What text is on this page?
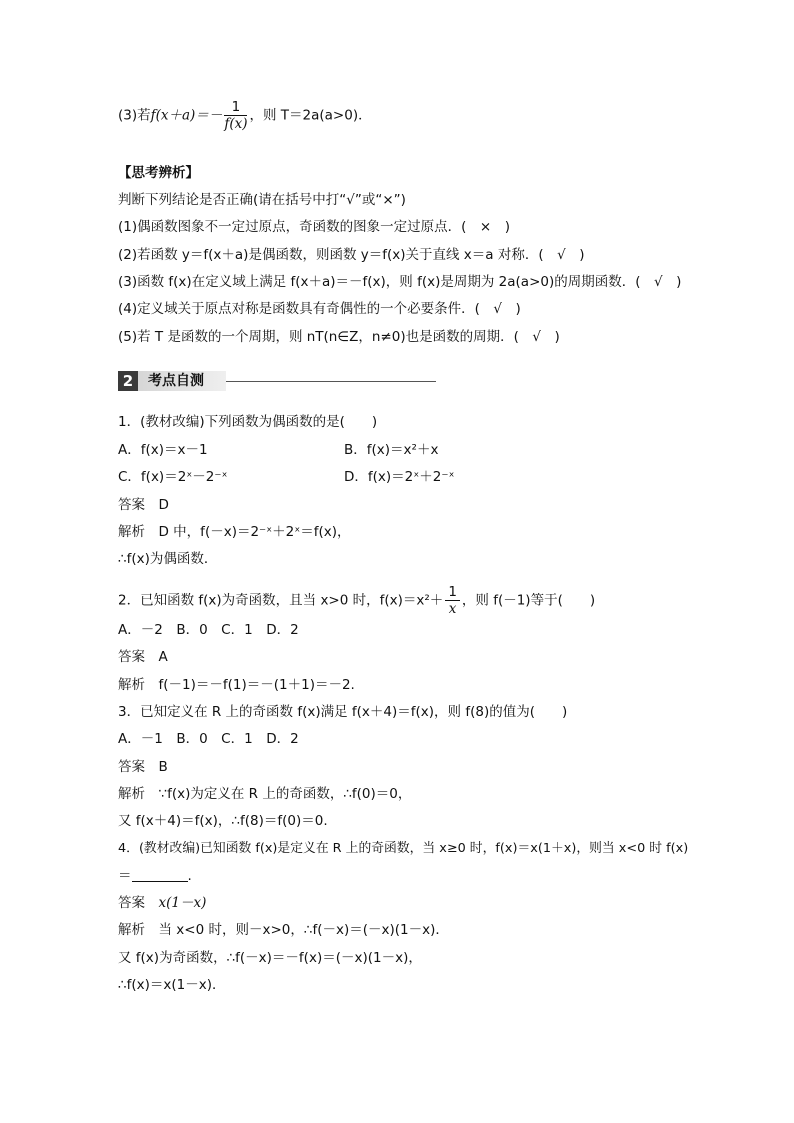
(3)若$f(x+a)=- \frac{1}{f(x)}$ ，则 T＝2a(a>0)．
【思考辨析】
判断下列结论是否正确(请在括号中打“√”或“×”)
(1)偶函数图象不一定过原点，奇函数的图象一定过原点．(　×　)
(2)若函数 y＝f(x＋a)是偶函数，则函数 y＝f(x)关于直线 x＝a 对称．(　√　)
(3)函数 f(x)在定义域上满足 f(x＋a)＝－f(x)，则 f(x)是周期为 2a(a>0)的周期函数．(　√　)
(4)定义域关于原点对称是函数具有奇偶性的一个必要条件．(　√　)
(5)若 T 是函数的一个周期，则 nT(n∈Z，n≠0)也是函数的周期．(　√　)
2	考点自测
1．(教材改编)下列函数为偶函数的是(　　)
A．f(x)＝x－1	B．f(x)＝x²＋x
C．f(x)＝2ˣ－2⁻ˣ	D．f(x)＝2ˣ＋2⁻ˣ
答案　 D
解析　 D 中，f(－x)＝2⁻ˣ＋2ˣ＝f(x)，
∴f(x)为偶函数．
2．已知函数 f(x)为奇函数，且当 x>0 时，$f(x)=x^2+ \frac{1}{x}$ ，则 f(－1)等于(　　)
A．－2　B．0　C．1　D．2
答案　 A
解析　 f(－1)＝－f(1)＝－(1＋1)＝－2.
3．已知定义在 R 上的奇函数 f(x)满足 f(x＋4)＝f(x)，则 f(8)的值为(　　)
A．－1　B．0　C．1　D．2
答案　 B
解析　 ∵f(x)为定义在 R 上的奇函数，∴f(0)＝0，
又 f(x＋4)＝f(x)，∴f(8)＝f(0)＝0.
4．(教材改编)已知函数 f(x)是定义在 R 上的奇函数，当 x≥0 时，f(x)＝x(1＋x)，则当 x<0 时 f(x)
＝	.
答案　 x(1－x)
解析　 当 x<0 时，则－x>0，∴f(－x)＝(－x)(1－x)．
又 f(x)为奇函数，∴f(－x)＝－f(x)＝(－x)(1－x)，
∴f(x)＝x(1－x)．
